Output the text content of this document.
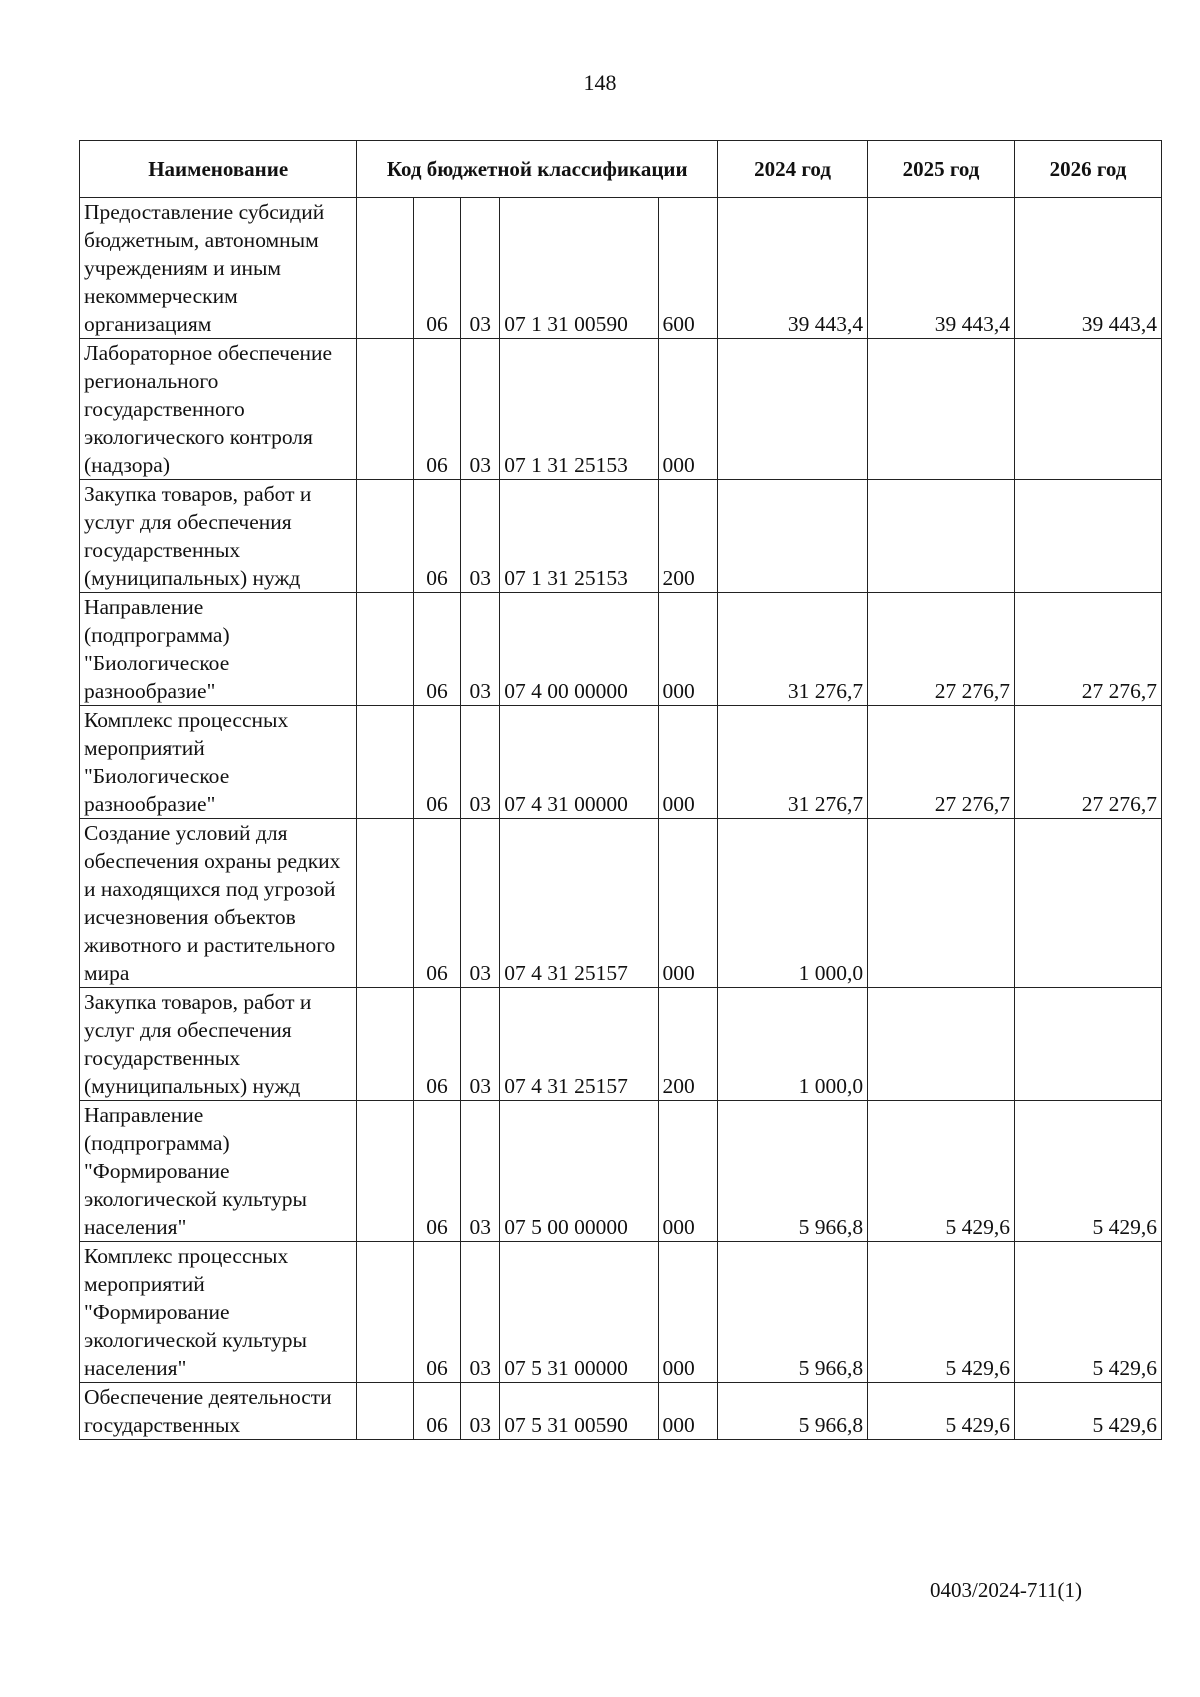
148
Наименование	Код бюджетной классификации					2024 год	2025 год	2026 год
Предоставление субсидий бюджетным, автономным учреждениям и иным некоммерческим организациям		06	03	07 1 31 00590	600	39 443,4	39 443,4	39 443,4
Лабораторное обеспечение регионального государственного экологического контроля (надзора)		06	03	07 1 31 25153	000			
Закупка товаров, работ и услуг для обеспечения государственных (муниципальных) нужд		06	03	07 1 31 25153	200			
Направление (подпрограмма) "Биологическое разнообразие"		06	03	07 4 00 00000	000	31 276,7	27 276,7	27 276,7
Комплекс процессных мероприятий "Биологическое разнообразие"		06	03	07 4 31 00000	000	31 276,7	27 276,7	27 276,7
Создание условий для обеспечения охраны редких и находящихся под угрозой исчезновения объектов животного и растительного мира		06	03	07 4 31 25157	000	1 000,0		
Закупка товаров, работ и услуг для обеспечения государственных (муниципальных) нужд		06	03	07 4 31 25157	200	1 000,0		
Направление (подпрограмма) "Формирование экологической культуры населения"		06	03	07 5 00 00000	000	5 966,8	5 429,6	5 429,6
Комплекс процессных мероприятий "Формирование экологической культуры населения"		06	03	07 5 31 00000	000	5 966,8	5 429,6	5 429,6
Обеспечение деятельности государственных		06	03	07 5 31 00590	000	5 966,8	5 429,6	5 429,6
0403/2024-711(1)
